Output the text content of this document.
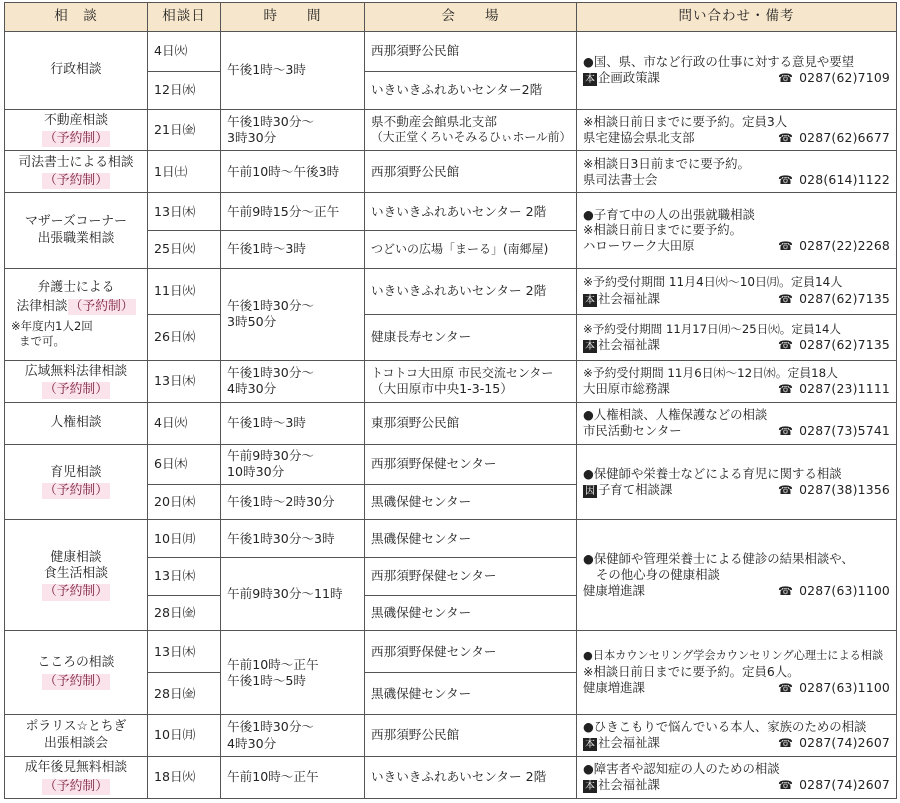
相　談	相談日	時　　間	会　　場	問い合わせ・備考

行政相談	4日㈫	午後1時～3時	西那須野公民館	●国、県、市など行政の仕事に対する意見や要望
本 企画政策課 ☎ 0287(62)7109

	12日㈬		いきいきふれあいセンター2階	

不動産相談
（予約制）	21日㈮	午後1時30分～
3時30分	県不動産会館県北支部
（大正堂くろいそみるひぃホール前）	※相談日前日までに要予約。定員3人
県宅建協会県北支部 ☎ 0287(62)6677

司法書士による相談
（予約制）	1日㈯	午前10時～午後3時	西那須野公民館	※相談日3日前までに要予約。
県司法書士会 ☎ 028(614)1122

マザーズコーナー
出張職業相談	13日㈭	午前9時15分～正午	いきいきふれあいセンター 2階	●子育て中の人の出張就職相談
※相談日前日までに要予約。
ハローワーク大田原 ☎ 0287(22)2268

	25日㈫	午後1時～3時	つどいの広場「まーる」(南郷屋)	

弁護士による
法律相談 （予約制）
※年度内1人2回
まで可。	11日㈫	午後1時30分～
3時50分	いきいきふれあいセンター 2階	※予約受付期間 11月4日㈫～10日㈪。定員14人
本 社会福祉課 ☎ 0287(62)7135

	26日㈬		健康長寿センター	※予約受付期間 11月17日㈪～25日㈫。定員14人
本 社会福祉課 ☎ 0287(62)7135

広域無料法律相談
（予約制）	13日㈭	午後1時30分～
4時30分	トコトコ大田原 市民交流センター
（大田原市中央1-3-15）	※予約受付期間 11月6日㈭～12日㈬。定員18人
大田原市総務課 ☎ 0287(23)1111

人権相談	4日㈫	午後1時～3時	東那須野公民館	●人権相談、人権保護などの相談
市民活動センター ☎ 0287(73)5741

育児相談
（予約制）	6日㈭	午前9時30分～
10時30分	西那須野保健センター	●保健師や栄養士などによる育児に関する相談
因 子育て相談課 ☎ 0287(38)1356

	20日㈭	午後1時～2時30分	黒磯保健センター	

健康相談
食生活相談
（予約制）	10日㈪	午後1時30分～3時	黒磯保健センター	●保健師や管理栄養士による健診の結果相談や、
その他心身の健康相談
健康増進課 ☎ 0287(63)1100

	13日㈭	午前9時30分～11時	西那須野保健センター	
	28日㈮		黒磯保健センター	

こころの相談
（予約制）	13日㈭	午前10時～正午
午後1時～5時	西那須野保健センター	●日本カウンセリング学会カウンセリング心理士による相談
※相談日前日までに要予約。定員6人。
健康増進課 ☎ 0287(63)1100

	28日㈮		黒磯保健センター	

ポラリス☆とちぎ
出張相談会	10日㈪	午後1時30分～
4時30分	西那須野公民館	●ひきこもりで悩んでいる本人、家族のための相談
本 社会福祉課 ☎ 0287(74)2607

成年後見無料相談
（予約制）	18日㈫	午前10時～正午	いきいきふれあいセンター 2階	●障害者や認知症の人のための相談
本 社会福祉課 ☎ 0287(74)2607
